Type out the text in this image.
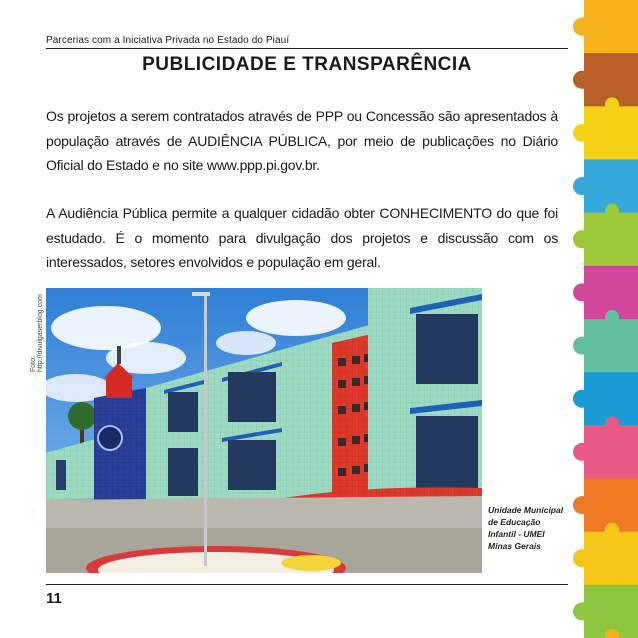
Parcerias com a Iniciativa Privada no Estado do Piauí
PUBLICIDADE E TRANSPARÊNCIA

Os projetos a serem contratados através de PPP ou Concessão são apresentados à população através de AUDIÊNCIA PÚBLICA, por meio de publicações no Diário Oficial do Estado e no site www.ppp.pi.gov.br.

A Audiência Pública permite a qualquer cidadão obter CONHECIMENTO do que foi estudado. É o momento para divulgação dos projetos e discussão com os interessados, setores envolvidos e população em geral.

Foto: http://divulgaserblog.com
Unidade Municipal de Educação Infantil - UMEI Minas Gerais
11
